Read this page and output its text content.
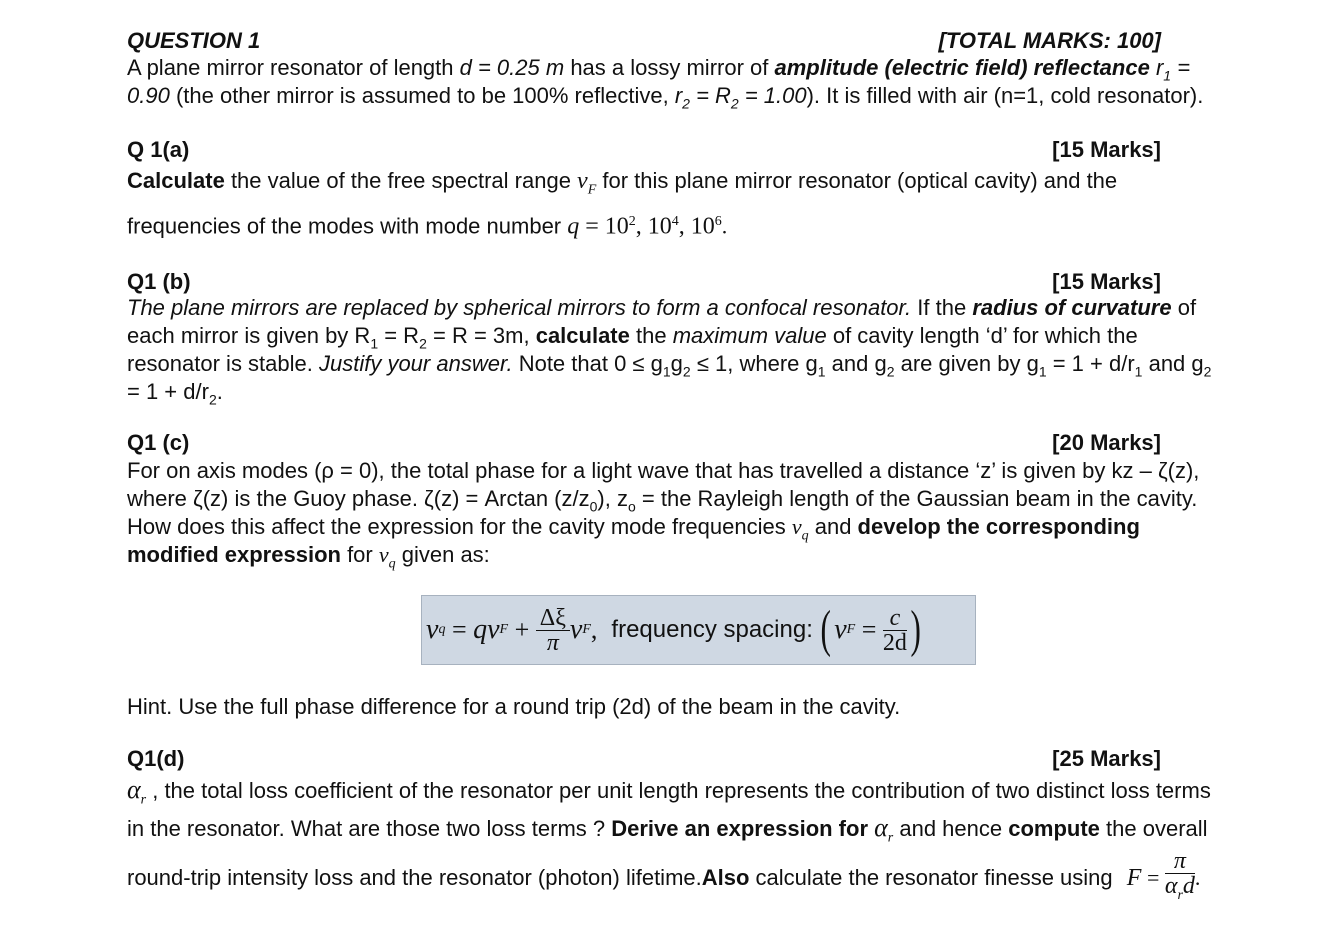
QUESTION 1	[TOTAL MARKS: 100]
A plane mirror resonator of length d = 0.25 m has a lossy mirror of amplitude (electric field) reflectance $r_1$ =
0.90 (the other mirror is assumed to be 100% reflective, $r_2 = R_2 = 1.00$). It is filled with air (n=1, cold resonator).
Q 1(a)	[15 Marks]
Calculate the value of the free spectral range $\nu_F$ for this plane mirror resonator (optical cavity) and the
frequencies of the modes with mode number $q = 10^2$, $10^4$, $10^6$.
Q1 (b)	[15 Marks]
The plane mirrors are replaced by spherical mirrors to form a confocal resonator. If the radius of curvature of
each mirror is given by $R_1 = R_2 = R = 3m$, calculate the maximum value of cavity length ‘d’ for which the
resonator is stable. Justify your answer. Note that $0 \le g_1g_2 \le 1$, where $g_1$ and $g_2$ are given by $g_1 = 1 + d/r_1$ and $g_2$
= $1 + d/r_2$.
Q1 (c)	[20 Marks]
For on axis modes (ρ = 0), the total phase for a light wave that has travelled a distance ‘z’ is given by kz – ζ(z),
where ζ(z) is the Guoy phase. ζ(z) = Arctan $(z/z_0)$, $z_o$ = the Rayleigh length of the Gaussian beam in the cavity.
How does this affect the expression for the cavity mode frequencies $\nu_q$ and develop the corresponding
modified expression for $\nu_q$ given as:
ν q = qν $F + \frac{\Delta\xi}{\pi}$ ν F , frequency spacing: ( ν $F = \frac{c}{2d}$ )
Hint. Use the full phase difference for a round trip (2d) of the beam in the cavity.
Q1(d)	[25 Marks]
$\alpha_r$ , the total loss coefficient of the resonator per unit length represents the contribution of two distinct loss terms
in the resonator. What are those two loss terms ? Derive an expression for $\alpha_r$ and hence compute the overall
round-trip intensity loss and the resonator (photon) lifetime. Also calculate the resonator finesse using $F = \frac{\pi}{\alpha_rd}$ .
